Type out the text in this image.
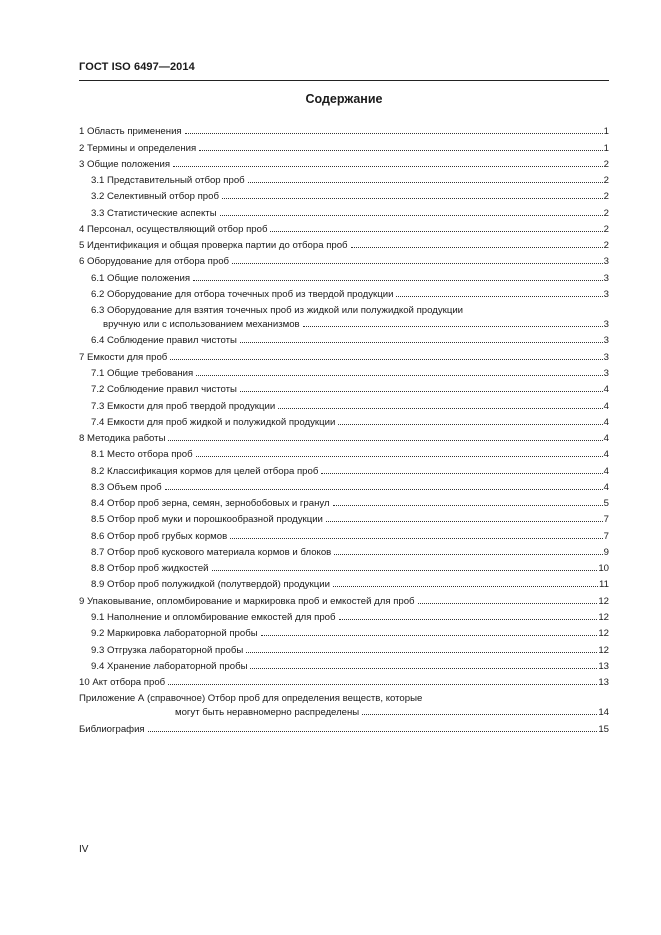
ГОСТ ISO 6497—2014
Содержание
1 Область применения	1
2 Термины и определения	1
3 Общие положения	2
3.1 Представительный отбор проб	2
3.2 Селективный отбор проб	2
3.3 Статистические аспекты	2
4 Персонал, осуществляющий отбор проб	2
5 Идентификация и общая проверка партии до отбора проб	2
6 Оборудование для отбора проб	3
6.1 Общие положения	3
6.2 Оборудование для отбора точечных проб из твердой продукции	3
6.3 Оборудование для взятия точечных проб из жидкой или полужидкой продукции
вручную или с использованием механизмов	3
6.4 Соблюдение правил чистоты	3
7 Емкости для проб	3
7.1 Общие требования	3
7.2 Соблюдение правил чистоты	4
7.3 Емкости для проб твердой продукции	4
7.4 Емкости для проб жидкой и полужидкой продукции	4
8 Методика работы	4
8.1 Место отбора проб	4
8.2 Классификация кормов для целей отбора проб	4
8.3 Объем проб	4
8.4 Отбор проб зерна, семян, зернобобовых и гранул	5
8.5 Отбор проб муки и порошкообразной продукции	7
8.6 Отбор проб грубых кормов	7
8.7 Отбор проб кускового материала кормов и блоков	9
8.8 Отбор проб жидкостей	10
8.9 Отбор проб полужидкой (полутвердой) продукции	11
9 Упаковывание, опломбирование и маркировка проб и емкостей для проб	12
9.1 Наполнение и опломбирование емкостей для проб	12
9.2 Маркировка лабораторной пробы	12
9.3 Отгрузка лабораторной пробы	12
9.4 Хранение лабораторной пробы	13
10 Акт отбора проб	13
Приложение А (справочное) Отбор проб для определения веществ, которые
могут быть неравномерно распределены	14
Библиография	15
IV
